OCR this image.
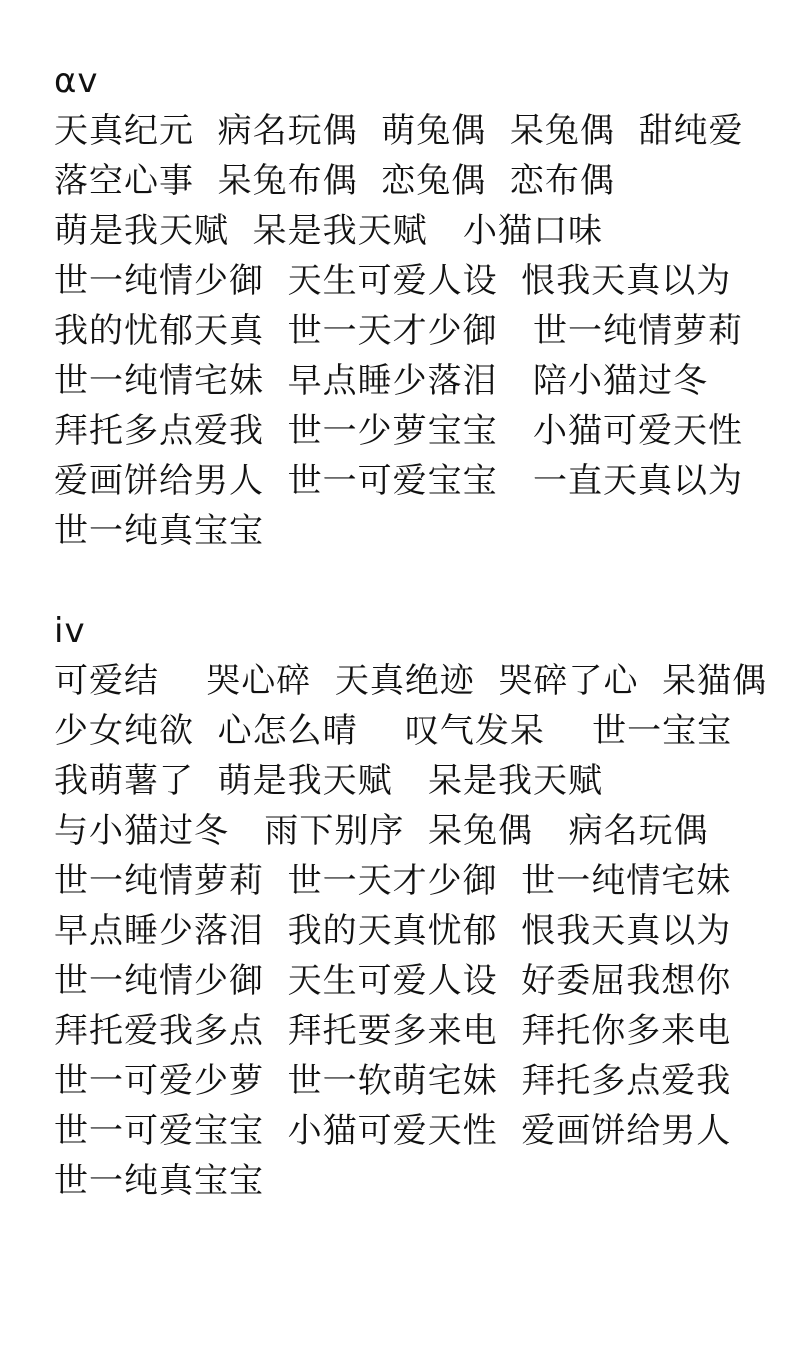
αv
天真纪元  病名玩偶  萌兔偶  呆兔偶  甜纯爱
落空心事  呆兔布偶  恋兔偶  恋布偶
萌是我天赋  呆是我天赋   小猫口味
世一纯情少御  天生可爱人设  恨我天真以为
我的忧郁天真  世一天才少御   世一纯情萝莉
世一纯情宅妹  早点睡少落泪   陪小猫过冬
拜托多点爱我  世一少萝宝宝   小猫可爱天性
爱画饼给男人  世一可爱宝宝   一直天真以为
世一纯真宝宝
iv
可爱结    哭心碎  天真绝迹  哭碎了心  呆猫偶
少女纯欲  心怎么晴    叹气发呆    世一宝宝
我萌薯了  萌是我天赋   呆是我天赋
与小猫过冬   雨下别序  呆兔偶   病名玩偶
世一纯情萝莉  世一天才少御  世一纯情宅妹
早点睡少落泪  我的天真忧郁  恨我天真以为
世一纯情少御  天生可爱人设  好委屈我想你
拜托爱我多点  拜托要多来电  拜托你多来电
世一可爱少萝  世一软萌宅妹  拜托多点爱我
世一可爱宝宝  小猫可爱天性  爱画饼给男人
世一纯真宝宝
